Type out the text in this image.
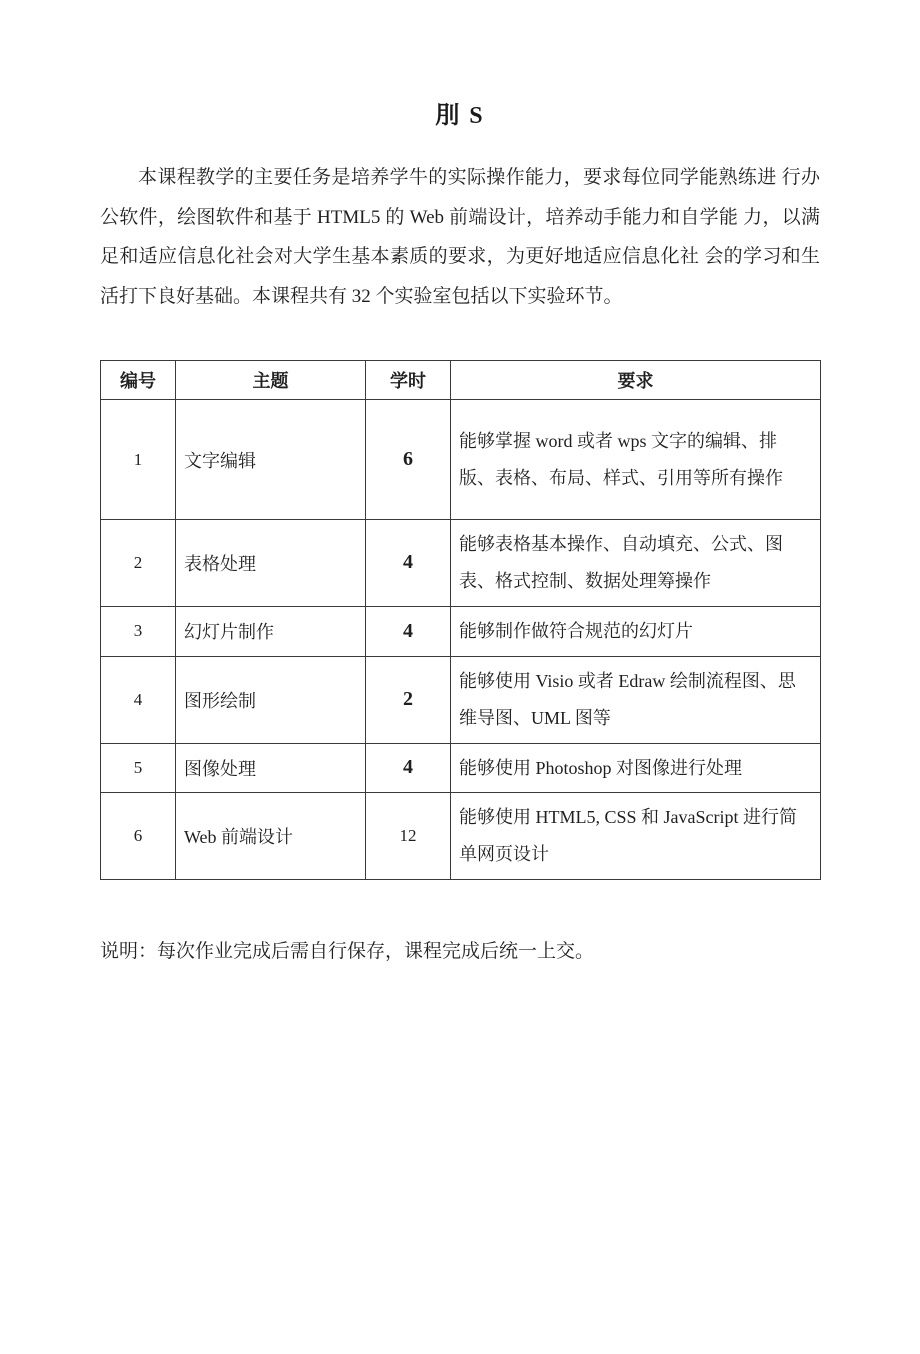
刖 S
本课程教学的主要任务是培养学牛的实际操作能力，要求每位同学能熟练进 行办公软件，绘图软件和基于 HTML5 的 Web 前端设计，培养动手能力和自学能 力，以满足和适应信息化社会对大学生基本素质的要求，为更好地适应信息化社 会的学习和生活打下良好基础。本课程共有 32 个实验室包括以下实验环节。
编号	主题	学时	要求
1	文字编辑	6	能够掌握 word 或者 wps 文字的编辑、排版、表格、布局、样式、引用等所有操作
2	表格处理	4	能够表格基本操作、自动填充、公式、图表、格式控制、数据处理筹操作
3	幻灯片制作	4	能够制作做符合规范的幻灯片
4	图形绘制	2	能够使用 Visio 或者 Edraw 绘制流程图、思维导图、UML 图等
5	图像处理	4	能够使用 Photoshop 对图像进行处理
6	Web 前端设计	12	能够使用 HTML5, CSS 和 JavaScript 进行简单网页设计
说明：每次作业完成后需自行保存，课程完成后统一上交。
